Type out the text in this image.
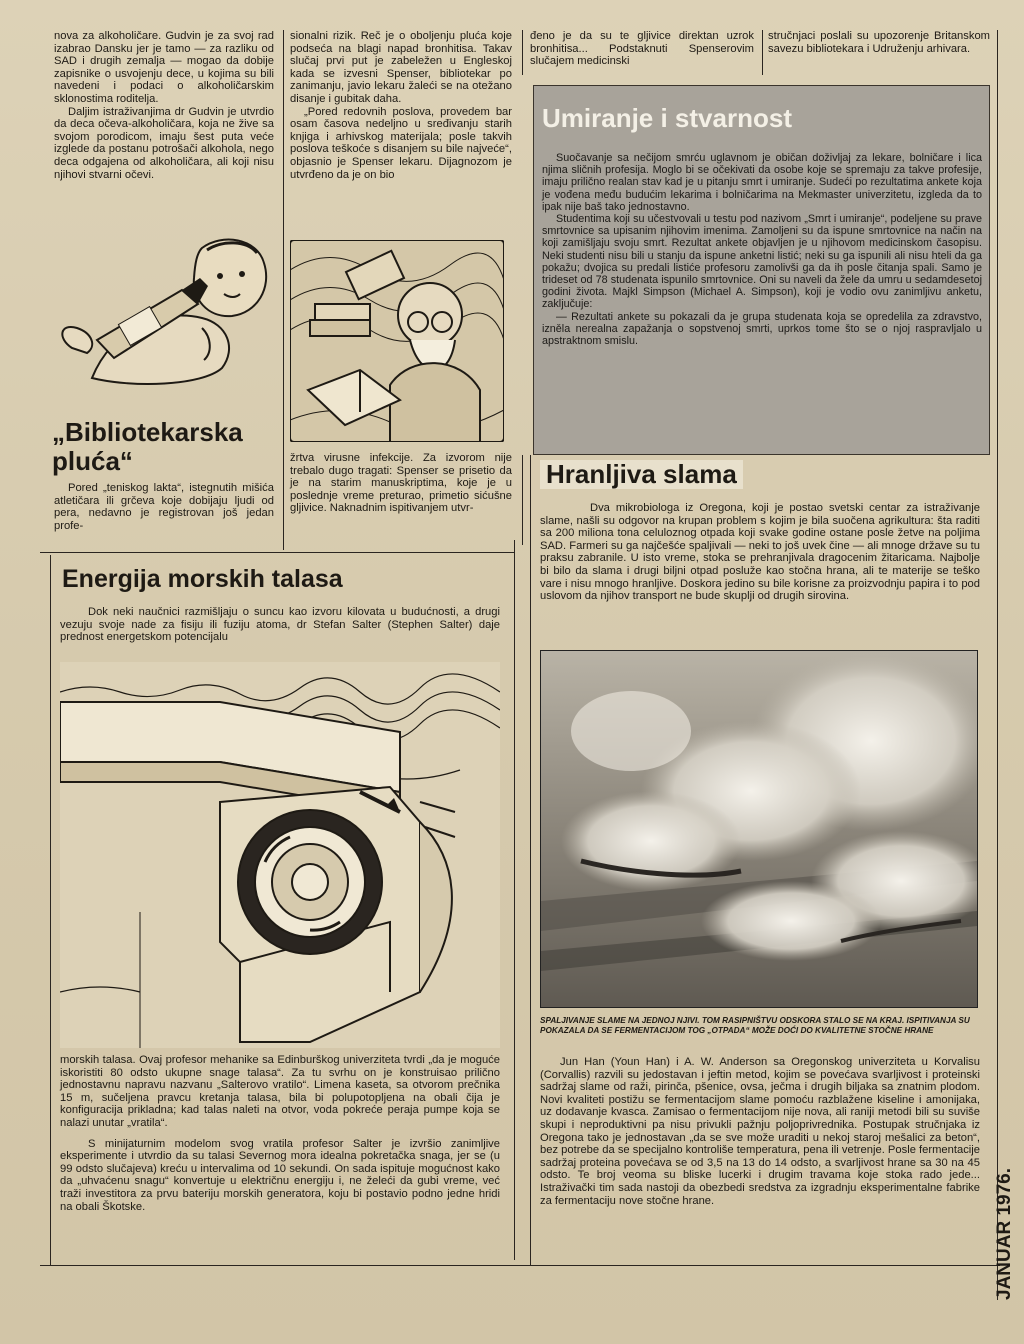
nova za alkoholičare. Gudvin je za svoj rad izabrao Dansku jer je tamo — za razliku od SAD i drugih zemalja — mogao da dobije zapisnike o usvojenju dece, u kojima su bili navedeni i podaci o alkoholičarskim sklonostima roditelja.

Daljim istraživanjima dr Gudvin je utvrdio da deca očeva-alkoholičara, koja ne žive sa svojom porodicom, imaju šest puta veće izglede da postanu potrošači alkohola, nego deca odgajena od alkoholičara, ali koji nisu njihovi stvarni očevi.

„Bibliotekarska pluća“

Pored „teniskog lakta“, istegnutih mišića atletičara ili grčeva koje dobijaju ljudi od pera, nedavno je registrovan još jedan profe-

sionalni rizik. Reč je o oboljenju pluća koje podseća na blagi napad bronhitisa. Takav slučaj prvi put je zabeležen u Engleskoj kada se izvesni Spenser, bibliotekar po zanimanju, javio lekaru žaleći se na otežano disanje i gubitak daha.

„Pored redovnih poslova, provedem bar osam časova nedeljno u sređivanju starih knjiga i arhivskog materijala; posle takvih poslova teškoće s disanjem su bile najveće“, objasnio je Spenser lekaru. Dijagnozom je utvrđeno da je on bio

žrtva virusne infekcije. Za izvorom nije trebalo dugo tragati: Spenser se prisetio da je na starim manuskriptima, koje je u poslednje vreme preturao, primetio sićušne gljivice. Naknadnim ispitivanjem utvr-

đeno je da su te gljivice direktan uzrok bronhitisa... Podstaknuti Spenserovim slučajem medicinski

stručnjaci poslali su upozorenje Britanskom savezu bibliotekara i Udruženju arhivara.

Umiranje i stvarnost

Suočavanje sa nečijom smrću uglavnom je običan doživljaj za lekare, bolničare i lica njima sličnih profesija. Moglo bi se očekivati da osobe koje se spremaju za takve profesije, imaju prilično realan stav kad je u pitanju smrt i umiranje. Sudeći po rezultatima ankete koja je vođena među budućim lekarima i bolničarima na Mekmaster univerzitetu, izgleda da to ipak nije baš tako jednostavno.

Studentima koji su učestvovali u testu pod nazivom „Smrt i umiranje“, podeljene su prave smrtovnice sa upisanim njihovim imenima. Zamoljeni su da ispune smrtovnice na način na koji zamišljaju svoju smrt. Rezultat ankete objavljen je u njihovom medicinskom časopisu. Neki studenti nisu bili u stanju da ispune anketni listić; neki su ga ispunili ali nisu hteli da ga pokažu; dvojica su predali listiće profesoru zamolivši ga da ih posle čitanja spali. Samo je trideset od 78 studenata ispunilo smrtovnice. Oni su naveli da žele da umru u sedamdesetoj godini života. Majkl Simpson (Michael A. Simpson), koji je vodio ovu zanimljivu anketu, zaključuje:

— Rezultati ankete su pokazali da je grupa studenata koja se opredelila za zdravstvo, izněla nerealna zapažanja o sopstvenoj smrti, uprkos tome što se o njoj raspravljalo u apstraktnom smislu.

Hranljiva slama

Dva mikrobiologa iz Oregona, koji je postao svetski centar za istraživanje slame, našli su odgovor na krupan problem s kojim je bila suočena agrikultura: šta raditi sa 200 miliona tona celuloznog otpada koji svake godine ostane posle žetve na poljima SAD. Farmeri su ga najčešće spaljivali — neki to još uvek čine — ali mnoge države su tu praksu zabranile. U isto vreme, stoka se prehranjivala dragocenim žitaricama. Najbolje bi bilo da slama i drugi biljni otpad posluže kao stočna hrana, ali te materije se teško vare i nisu mnogo hranljive. Doskora jedino su bile korisne za proizvodnju papira i to pod uslovom da njihov transport ne bude skuplji od drugih sirovina.

SPALJIVANJE SLAME NA JEDNOJ NJIVI. TOM RASIPNIŠTVU ODSKORA STALO SE NA KRAJ. ISPITIVANJA SU POKAZALA DA SE FERMENTACIJOM TOG „OTPADA“ MOŽE DOĆI DO KVALITETNE STOČNE HRANE

Jun Han (Youn Han) i A. W. Anderson sa Oregonskog univerziteta u Korvalisu (Corvallis) razvili su jedostavan i jeftin metod, kojim se povećava svarljivost i proteinski sadržaj slame od raži, pirinča, pšenice, ovsa, ječma i drugih biljaka sa znatnim plodom. Novi kvaliteti postižu se fermentacijom slame pomoću razblažene kiseline i amonijaka, uz dodavanje kvasca. Zamisao o fermentacijom nije nova, ali raniji metodi bili su suviše skupi i neproduktivni pa nisu privukli pažnju poljoprivrednika. Postupak stručnjaka iz Oregona tako je jednostavan „da se sve može uraditi u nekoj staroj mešalici za beton“, bez potrebe da se specijalno kontroliše temperatura, pena ili vetrenje. Posle fermentacije sadržaj proteina povećava se od 3,5 na 13 do 14 odsto, a svarljivost hrane sa 30 na 45 odsto. Te broj veoma su bliske lucerki i drugim travama koje stoka rado jede... Istraživački tim sada nastoji da obezbedi sredstva za izgradnju eksperimentalne fabrike za fermentaciju nove stočne hrane.

Energija morskih talasa

Dok neki naučnici razmišljaju o suncu kao izvoru kilovata u budućnosti, a drugi vezuju svoje nade za fisiju ili fuziju atoma, dr Stefan Salter (Stephen Salter) daje prednost energetskom potencijalu

morskih talasa. Ovaj profesor mehanike sa Edinburškog univerziteta tvrdi „da je moguće iskoristiti 80 odsto ukupne snage talasa“. Za tu svrhu on je konstruisao prilično jednostavnu napravu nazvanu „Salterovo vratilo“. Limena kaseta, sa otvorom prečnika 15 m, sučeljena pravcu kretanja talasa, bila bi polupotopljena na obali čija je konfiguracija prikladna; kad talas naleti na otvor, voda pokreće peraja pumpe koja se nalazi unutar „vratila“.

S minijaturnim modelom svog vratila profesor Salter je izvršio zanimljive eksperimente i utvrdio da su talasi Severnog mora idealna pokretačka snaga, jer se (u 99 odsto slučajeva) kreću u intervalima od 10 sekundi. On sada ispituje mogućnost kako da „uhvaćenu snagu“ konvertuje u električnu energiju i, ne želeći da gubi vreme, već traži investitora za prvu bateriju morskih generatora, koju bi postavio podno jedne hridi na obali Škotske.	JANUAR 1976.
